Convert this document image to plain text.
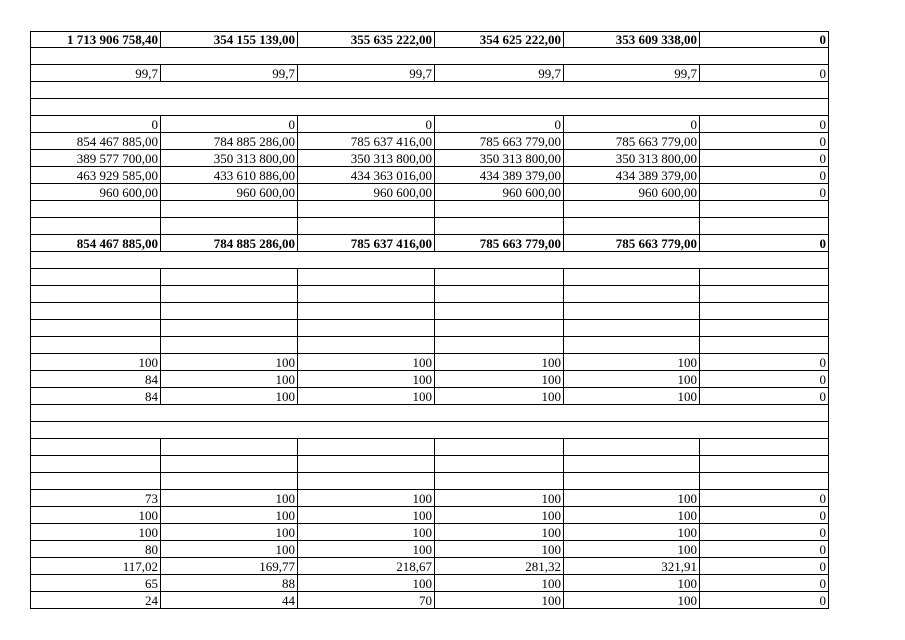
1 713 906 758,40	354 155 139,00	355 635 222,00	354 625 222,00	353 609 338,00	0

99,7	99,7	99,7	99,7	99,7	0

0	0	0	0	0	0
854 467 885,00	784 885 286,00	785 637 416,00	785 663 779,00	785 663 779,00	0
389 577 700,00	350 313 800,00	350 313 800,00	350 313 800,00	350 313 800,00	0
463 929 585,00	433 610 886,00	434 363 016,00	434 389 379,00	434 389 379,00	0
960 600,00	960 600,00	960 600,00	960 600,00	960 600,00	0

854 467 885,00	784 885 286,00	785 637 416,00	785 663 779,00	785 663 779,00	0

100	100	100	100	100	0
84	100	100	100	100	0
84	100	100	100	100	0

73	100	100	100	100	0
100	100	100	100	100	0
100	100	100	100	100	0
80	100	100	100	100	0
117,02	169,77	218,67	281,32	321,91	0
65	88	100	100	100	0
24	44	70	100	100	0
